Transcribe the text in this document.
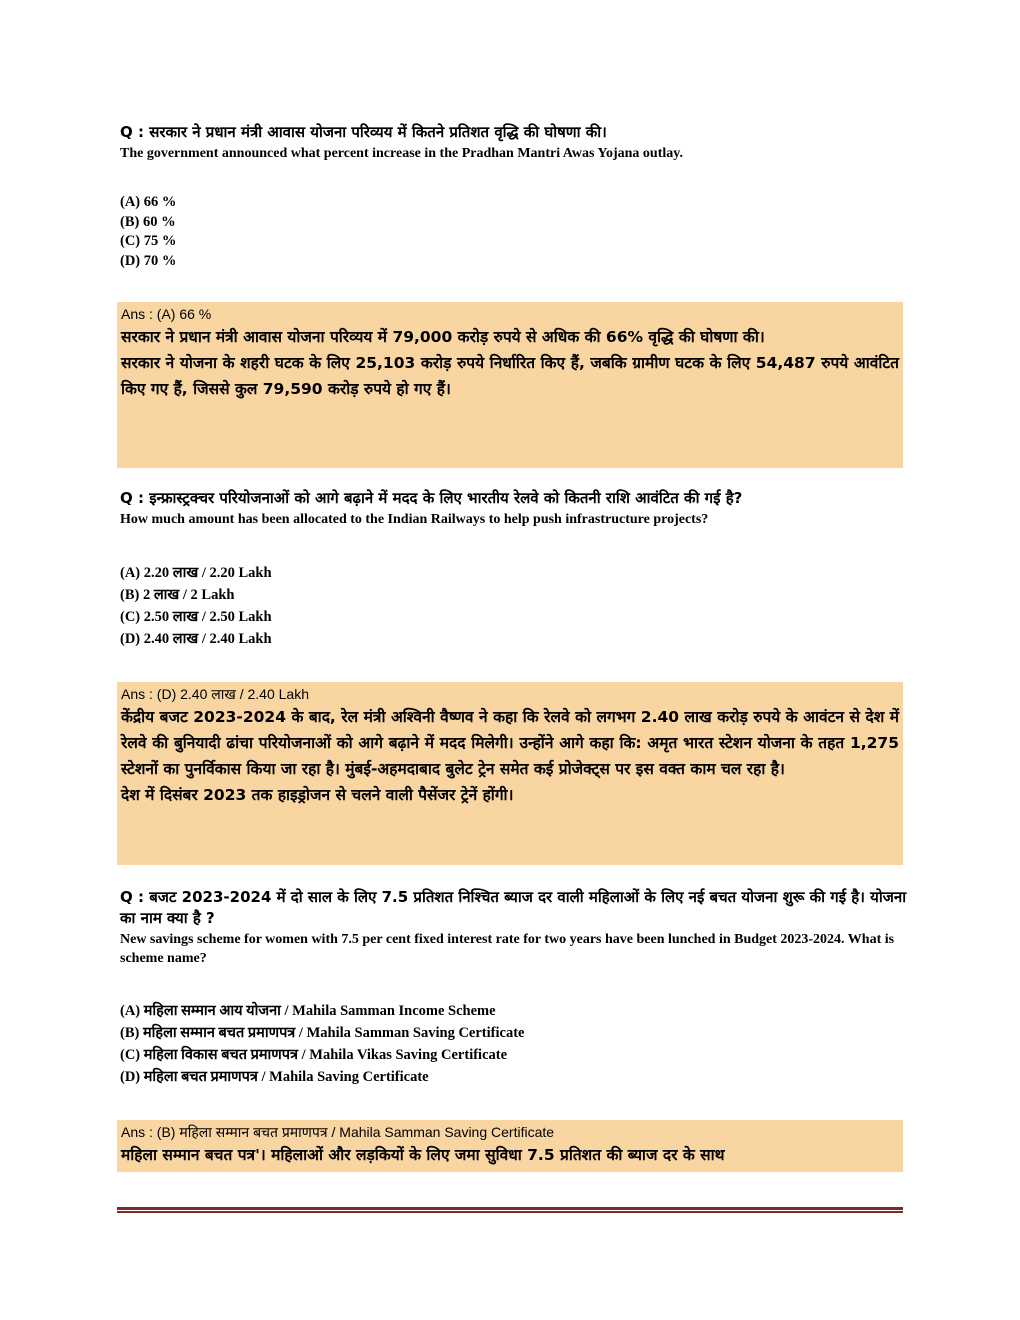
Q : सरकार ने प्रधान मंत्री आवास योजना परिव्यय में कितने प्रतिशत वृद्धि की घोषणा की।
The government announced what percent increase in the Pradhan Mantri Awas Yojana outlay.
(A) 66 %
(B) 60 %
(C) 75 %
(D) 70 %
Ans : (A) 66 %
सरकार ने प्रधान मंत्री आवास योजना परिव्यय में 79,000 करोड़ रुपये से अधिक की 66% वृद्धि की घोषणा की।
सरकार ने योजना के शहरी घटक के लिए 25,103 करोड़ रुपये निर्धारित किए हैं, जबकि ग्रामीण घटक के लिए 54,487 रुपये आवंटित किए गए हैं, जिससे कुल 79,590 करोड़ रुपये हो गए हैं।
Q : इन्फ्रास्ट्रक्चर परियोजनाओं को आगे बढ़ाने में मदद के लिए भारतीय रेलवे को कितनी राशि आवंटित की गई है?
How much amount has been allocated to the Indian Railways to help push infrastructure projects?
(A) 2.20 लाख / 2.20 Lakh
(B) 2 लाख / 2 Lakh
(C) 2.50 लाख / 2.50 Lakh
(D) 2.40 लाख / 2.40 Lakh
Ans : (D) 2.40 लाख / 2.40 Lakh
केंद्रीय बजट 2023-2024 के बाद, रेल मंत्री अश्विनी वैष्णव ने कहा कि रेलवे को लगभग 2.40 लाख करोड़ रुपये के आवंटन से देश में रेलवे की बुनियादी ढांचा परियोजनाओं को आगे बढ़ाने में मदद मिलेगी। उन्होंने आगे कहा कि: अमृत भारत स्टेशन योजना के तहत 1,275 स्टेशनों का पुनर्विकास किया जा रहा है। मुंबई-अहमदाबाद बुलेट ट्रेन समेत कई प्रोजेक्ट्स पर इस वक्त काम चल रहा है।
देश में दिसंबर 2023 तक हाइड्रोजन से चलने वाली पैसेंजर ट्रेनें होंगी।
Q : बजट 2023-2024 में दो साल के लिए 7.5 प्रतिशत निश्चित ब्याज दर वाली महिलाओं के लिए नई बचत योजना शुरू की गई है। योजना का नाम क्या है ?
New savings scheme for women with 7.5 per cent fixed interest rate for two years have been lunched in Budget 2023-2024. What is scheme name?
(A) महिला सम्मान आय योजना / Mahila Samman Income Scheme
(B) महिला सम्मान बचत प्रमाणपत्र / Mahila Samman Saving Certificate
(C) महिला विकास बचत प्रमाणपत्र / Mahila Vikas Saving Certificate
(D) महिला बचत प्रमाणपत्र / Mahila Saving Certificate
Ans : (B) महिला सम्मान बचत प्रमाणपत्र / Mahila Samman Saving Certificate
महिला सम्मान बचत पत्र'। महिलाओं और लड़कियों के लिए जमा सुविधा 7.5 प्रतिशत की ब्याज दर के साथ
